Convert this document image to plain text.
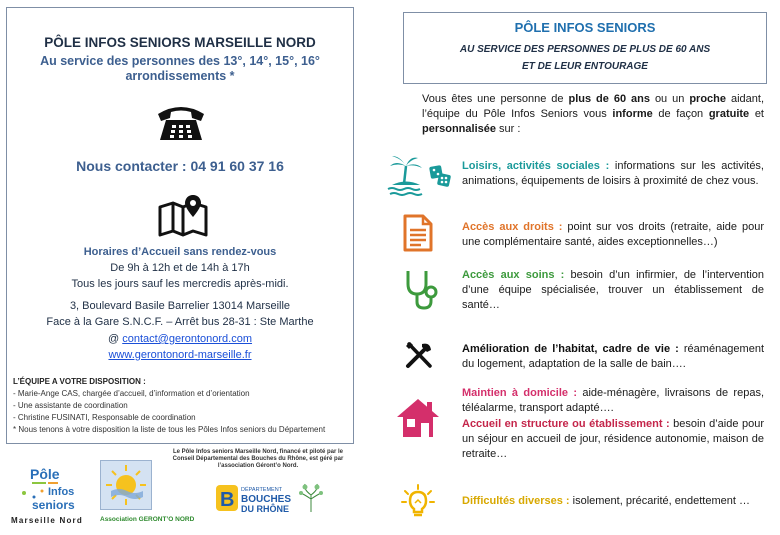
PÔLE INFOS SENIORS MARSEILLE NORD
Au service des personnes des 13°, 14°, 15°, 16°
arrondissements *
Nous contacter : 04 91 60 37 16
Horaires d’Accueil sans rendez-vous
De 9h à 12h et de 14h à 17h
Tous les jours sauf les mercredis après-midi.
3, Boulevard Basile Barrelier 13014 Marseille
Face à la Gare S.N.C.F. – Arrêt bus 28-31 : Ste Marthe
@ contact@gerontonord.com
www.gerontonord-marseille.fr
L’ÉQUIPE A VOTRE DISPOSITION :
- Marie-Ange CAS, chargée d’accueil, d’information et d’orientation
- Une assistante de coordination
- Christine FUSINATI, Responsable de coordination
* Nous tenons à votre disposition la liste de tous les Pôles Infos seniors du Département
Pôle
Infos
seniors
Marseille Nord	Association GERONT’O NORD
Le Pôle Infos seniors Marseille Nord, financé et piloté par le
Conseil Départemental des Bouches du Rhône, est géré par
l’association Géront’o Nord.
B DÉPARTEMENT
BOUCHES
DU RHÔNE
PÔLE INFOS SENIORS
AU SERVICE DES PERSONNES DE PLUS DE 60 ANS
ET DE LEUR ENTOURAGE
Vous êtes une personne de plus de 60 ans ou un proche aidant, l’équipe du Pôle Infos Seniors vous informe de façon gratuite et personnalisée sur :
Loisirs, activités sociales : informations sur les activités, animations, équipements de loisirs à proximité de chez vous.
Accès aux droits : point sur vos droits (retraite, aide pour une complémentaire santé, aides exceptionnelles…)
Accès aux soins : besoin d’un infirmier, de l’intervention d’une équipe spécialisée, trouver un établissement de santé…
Amélioration de l’habitat, cadre de vie : réaménagement du logement, adaptation de la salle de bain….
Maintien à domicile : aide-ménagère, livraisons de repas, téléalarme, transport adapté….
Accueil en structure ou établissement : besoin d’aide pour un séjour en accueil de jour, résidence autonomie, maison de retraite…
Difficultés diverses : isolement, précarité, endettement …
